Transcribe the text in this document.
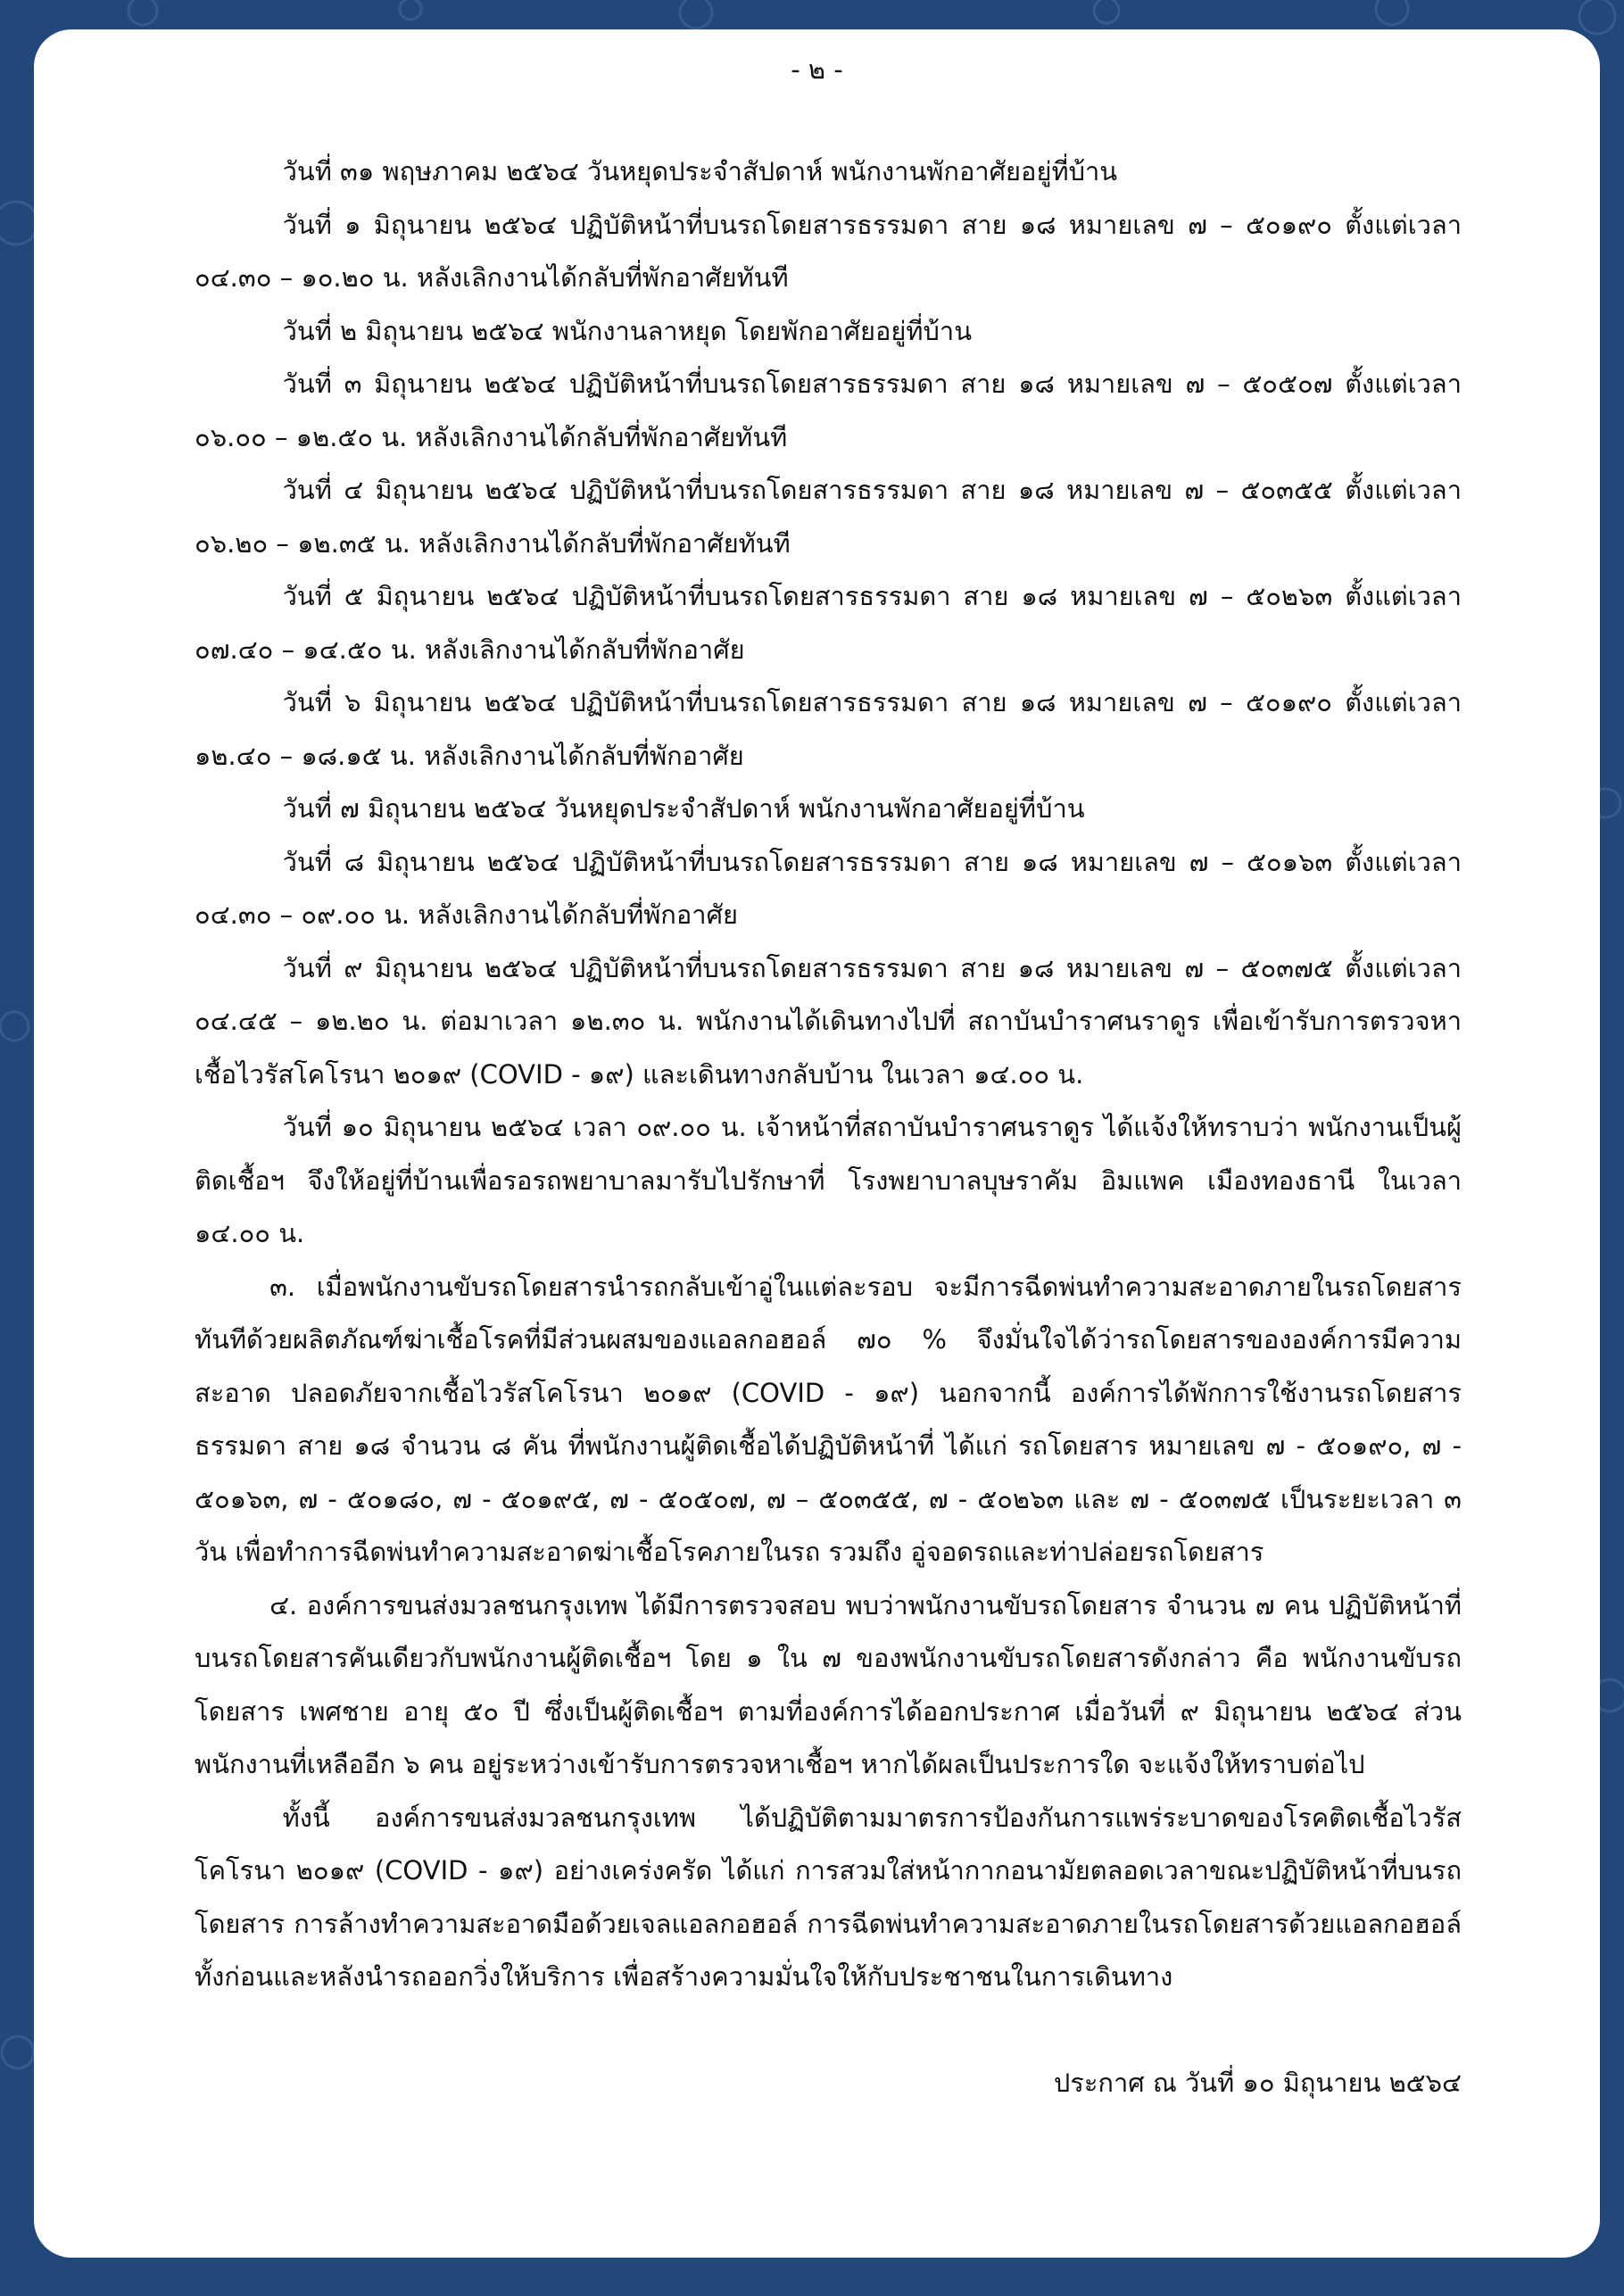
- ๒ -

วันที่ ๓๑ พฤษภาคม ๒๕๖๔ วันหยุดประจำสัปดาห์ พนักงานพักอาศัยอยู่ที่บ้าน

วันที่ ๑ มิถุนายน ๒๕๖๔ ปฏิบัติหน้าที่บนรถโดยสารธรรมดา สาย ๑๘ หมายเลข ๗ – ๕๐๑๙๐ ตั้งแต่เวลา ๐๔.๓๐ – ๑๐.๒๐ น. หลังเลิกงานได้กลับที่พักอาศัยทันที

วันที่ ๒ มิถุนายน ๒๕๖๔ พนักงานลาหยุด โดยพักอาศัยอยู่ที่บ้าน

วันที่ ๓ มิถุนายน ๒๕๖๔ ปฏิบัติหน้าที่บนรถโดยสารธรรมดา สาย ๑๘ หมายเลข ๗ – ๕๐๕๐๗ ตั้งแต่เวลา ๐๖.๐๐ – ๑๒.๕๐ น. หลังเลิกงานได้กลับที่พักอาศัยทันที

วันที่ ๔ มิถุนายน ๒๕๖๔ ปฏิบัติหน้าที่บนรถโดยสารธรรมดา สาย ๑๘ หมายเลข ๗ – ๕๐๓๕๕ ตั้งแต่เวลา ๐๖.๒๐ – ๑๒.๓๕ น. หลังเลิกงานได้กลับที่พักอาศัยทันที

วันที่ ๕ มิถุนายน ๒๕๖๔ ปฏิบัติหน้าที่บนรถโดยสารธรรมดา สาย ๑๘ หมายเลข ๗ – ๕๐๒๖๓ ตั้งแต่เวลา ๐๗.๔๐ – ๑๔.๕๐ น. หลังเลิกงานได้กลับที่พักอาศัย

วันที่ ๖ มิถุนายน ๒๕๖๔ ปฏิบัติหน้าที่บนรถโดยสารธรรมดา สาย ๑๘ หมายเลข ๗ – ๕๐๑๙๐ ตั้งแต่เวลา ๑๒.๔๐ – ๑๘.๑๕ น. หลังเลิกงานได้กลับที่พักอาศัย

วันที่ ๗ มิถุนายน ๒๕๖๔ วันหยุดประจำสัปดาห์ พนักงานพักอาศัยอยู่ที่บ้าน

วันที่ ๘ มิถุนายน ๒๕๖๔ ปฏิบัติหน้าที่บนรถโดยสารธรรมดา สาย ๑๘ หมายเลข ๗ – ๕๐๑๖๓ ตั้งแต่เวลา ๐๔.๓๐ – ๐๙.๐๐ น. หลังเลิกงานได้กลับที่พักอาศัย

วันที่ ๙ มิถุนายน ๒๕๖๔ ปฏิบัติหน้าที่บนรถโดยสารธรรมดา สาย ๑๘ หมายเลข ๗ – ๕๐๓๗๕ ตั้งแต่เวลา ๐๔.๔๕ – ๑๒.๒๐ น. ต่อมาเวลา ๑๒.๓๐ น. พนักงานได้เดินทางไปที่ สถาบันบำราศนราดูร เพื่อเข้ารับการตรวจหาเชื้อไวรัสโคโรนา ๒๐๑๙ (COVID - ๑๙) และเดินทางกลับบ้าน ในเวลา ๑๔.๐๐ น.

วันที่ ๑๐ มิถุนายน ๒๕๖๔ เวลา ๐๙.๐๐ น. เจ้าหน้าที่สถาบันบำราศนราดูร ได้แจ้งให้ทราบว่า พนักงานเป็นผู้ติดเชื้อฯ จึงให้อยู่ที่บ้านเพื่อรอรถพยาบาลมารับไปรักษาที่ โรงพยาบาลบุษราคัม อิมแพค เมืองทองธานี ในเวลา ๑๔.๐๐ น.

๓. เมื่อพนักงานขับรถโดยสารนำรถกลับเข้าอู่ในแต่ละรอบ จะมีการฉีดพ่นทำความสะอาดภายในรถโดยสารทันทีด้วยผลิตภัณฑ์ฆ่าเชื้อโรคที่มีส่วนผสมของแอลกอฮอล์ ๗๐ % จึงมั่นใจได้ว่ารถโดยสารขององค์การมีความสะอาด ปลอดภัยจากเชื้อไวรัสโคโรนา ๒๐๑๙ (COVID - ๑๙) นอกจากนี้ องค์การได้พักการใช้งานรถโดยสารธรรมดา สาย ๑๘ จำนวน ๘ คัน ที่พนักงานผู้ติดเชื้อได้ปฏิบัติหน้าที่ ได้แก่ รถโดยสาร หมายเลข ๗ - ๕๐๑๙๐, ๗ - ๕๐๑๖๓, ๗ - ๕๐๑๘๐, ๗ - ๕๐๑๙๕, ๗ - ๕๐๕๐๗, ๗ – ๕๐๓๕๕, ๗ - ๕๐๒๖๓ และ ๗ - ๕๐๓๗๕ เป็นระยะเวลา ๓ วัน เพื่อทำการฉีดพ่นทำความสะอาดฆ่าเชื้อโรคภายในรถ รวมถึง อู่จอดรถและท่าปล่อยรถโดยสาร

๔. องค์การขนส่งมวลชนกรุงเทพ ได้มีการตรวจสอบ พบว่าพนักงานขับรถโดยสาร จำนวน ๗ คน ปฏิบัติหน้าที่บนรถโดยสารคันเดียวกับพนักงานผู้ติดเชื้อฯ โดย ๑ ใน ๗ ของพนักงานขับรถโดยสารดังกล่าว คือ พนักงานขับรถโดยสาร เพศชาย อายุ ๕๐ ปี ซึ่งเป็นผู้ติดเชื้อฯ ตามที่องค์การได้ออกประกาศ เมื่อวันที่ ๙ มิถุนายน ๒๕๖๔ ส่วนพนักงานที่เหลืออีก ๖ คน อยู่ระหว่างเข้ารับการตรวจหาเชื้อฯ หากได้ผลเป็นประการใด จะแจ้งให้ทราบต่อไป

ทั้งนี้ องค์การขนส่งมวลชนกรุงเทพ ได้ปฏิบัติตามมาตรการป้องกันการแพร่ระบาดของโรคติดเชื้อไวรัสโคโรนา ๒๐๑๙ (COVID - ๑๙) อย่างเคร่งครัด ได้แก่ การสวมใส่หน้ากากอนามัยตลอดเวลาขณะปฏิบัติหน้าที่บนรถโดยสาร การล้างทำความสะอาดมือด้วยเจลแอลกอฮอล์ การฉีดพ่นทำความสะอาดภายในรถโดยสารด้วยแอลกอฮอล์ ทั้งก่อนและหลังนำรถออกวิ่งให้บริการ เพื่อสร้างความมั่นใจให้กับประชาชนในการเดินทาง

ประกาศ ณ วันที่ ๑๐ มิถุนายน ๒๕๖๔
